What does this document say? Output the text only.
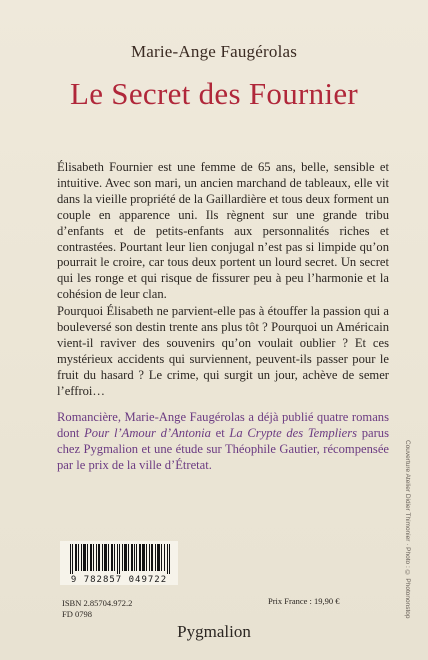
Marie-Ange Faugérolas
Le Secret des Fournier

Élisabeth Fournier est une femme de 65 ans, belle, sensible et intuitive. Avec son mari, un ancien marchand de tableaux, elle vit dans la vieille propriété de la Gaillardière et tous deux forment un couple en apparence uni. Ils règnent sur une grande tribu d’enfants et de petits-enfants aux personnalités riches et contrastées. Pourtant leur lien conjugal n’est pas si limpide qu’on pourrait le croire, car tous deux portent un lourd secret. Un secret qui les ronge et qui risque de fissurer peu à peu l’harmonie et la cohésion de leur clan.

Pourquoi Élisabeth ne parvient-elle pas à étouffer la passion qui a bouleversé son destin trente ans plus tôt ? Pourquoi un Américain vient-il raviver des souvenirs qu’on voulait oublier ? Et ces mystérieux accidents qui surviennent, peuvent-ils passer pour le fruit du hasard ? Le crime, qui surgit un jour, achève de semer l’effroi…

Romancière, Marie-Ange Faugérolas a déjà publié quatre romans dont Pour l’Amour d’Antonia et La Crypte des Templiers parus chez Pygmalion et une étude sur Théophile Gautier, récompensée par le prix de la ville d’Étretat.	Couverture Atelier Didier Thimonier · Photo : © Photononstop
9 782857 049722
ISBN 2.85704.972.2
FD 0798
Prix France : 19,90 €
Pygmalion
